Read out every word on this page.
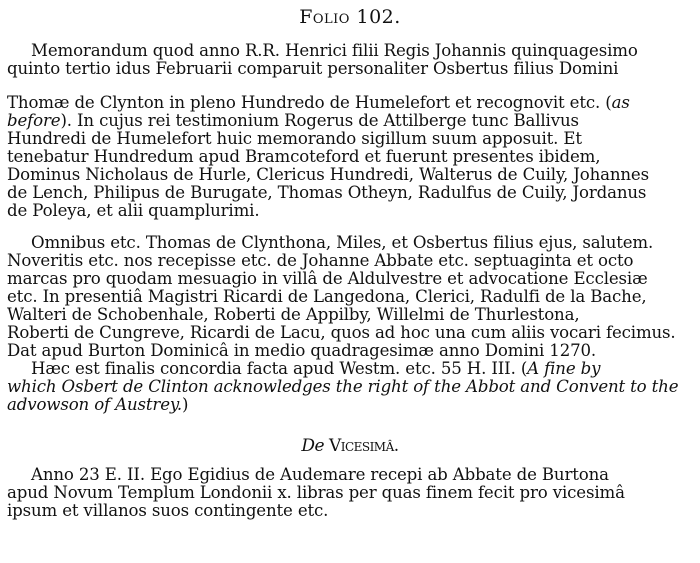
Folio 102.
Memorandum quod anno R.R. Henrici filii Regis Johannis quinquagesimo
quinto tertio idus Februarii comparuit personaliter Osbertus filius Domini
Thomæ de Clynton in pleno Hundredo de Humelefort et recognovit etc. (as
before). In cujus rei testimonium Rogerus de Attilberge tunc Ballivus
Hundredi de Humelefort huic memorando sigillum suum apposuit. Et
tenebatur Hundredum apud Bramcoteford et fuerunt presentes ibidem,
Dominus Nicholaus de Hurle, Clericus Hundredi, Walterus de Cuily, Johannes
de Lench, Philipus de Burugate, Thomas Otheyn, Radulfus de Cuily, Jordanus
de Poleya, et alii quamplurimi.
Omnibus etc. Thomas de Clynthona, Miles, et Osbertus filius ejus, salutem.
Noveritis etc. nos recepisse etc. de Johanne Abbate etc. septuaginta et octo
marcas pro quodam mesuagio in villâ de Aldulvestre et advocatione Ecclesiæ
etc. In presentiâ Magistri Ricardi de Langedona, Clerici, Radulfi de la Bache,
Walteri de Schobenhale, Roberti de Appilby, Willelmi de Thurlestona,
Roberti de Cungreve, Ricardi de Lacu, quos ad hoc una cum aliis vocari fecimus.
Dat apud Burton Dominicâ in medio quadragesimæ anno Domini 1270.
Hæc est finalis concordia facta apud Westm. etc. 55 H. III. (A fine by
which Osbert de Clinton acknowledges the right of the Abbot and Convent to the
advowson of Austrey.)
De Vicesimâ.
Anno 23 E. II. Ego Egidius de Audemare recepi ab Abbate de Burtona
apud Novum Templum Londonii x. libras per quas finem fecit pro vicesimâ
ipsum et villanos suos contingente etc.
